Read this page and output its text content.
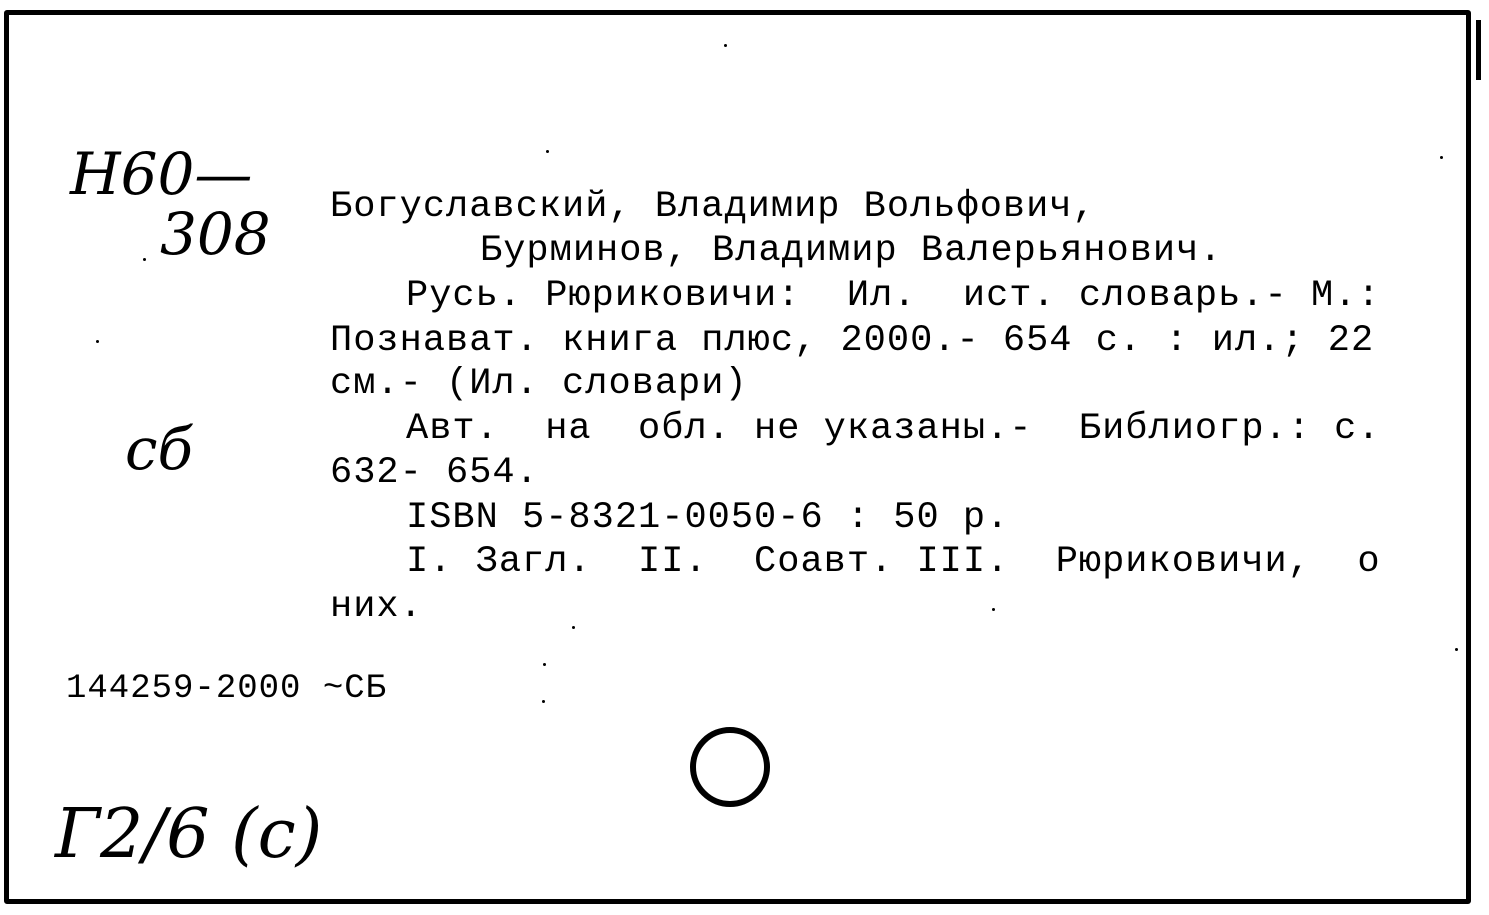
Н60—
308
сб
Г2/6 (с)
Богуславский, Владимир Вольфович,
Бурминов, Владимир Валерьянович.
Русь. Рюриковичи:  Ил.  ист. словарь.- М.:
Познават. книга плюс, 2000.- 654 с. : ил.; 22
см.- (Ил. словари)
Авт.  на  обл. не указаны.-  Библиогр.: с.
632- 654.
ISBN 5-8321-0050-6 : 50 р.
I. Загл.  II.  Соавт. III.  Рюриковичи,  о
них.
144259-2000 ~СБ
